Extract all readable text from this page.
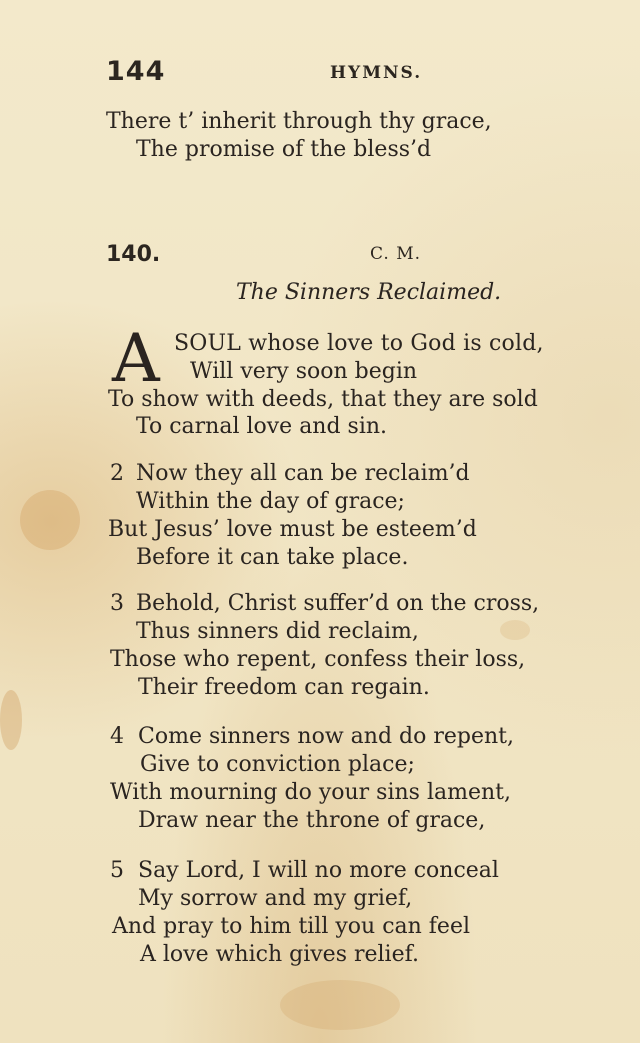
144	HYMNS.
There t’ inherit through thy grace,
The promise of the bless’d
140.	C. M.
The Sinners Reclaimed.
A SOUL whose love to God is cold,
Will very soon begin
To show with deeds, that they are sold
To carnal love and sin.
2 Now they all can be reclaim’d
Within the day of grace;
But Jesus’ love must be esteem’d
Before it can take place.
3 Behold, Christ suffer’d on the cross,
Thus sinners did reclaim,
Those who repent, confess their loss,
Their freedom can regain.
4 Come sinners now and do repent,
Give to conviction place;
With mourning do your sins lament,
Draw near the throne of grace,
5 Say Lord, I will no more conceal
My sorrow and my grief,
And pray to him till you can feel
A love which gives relief.
